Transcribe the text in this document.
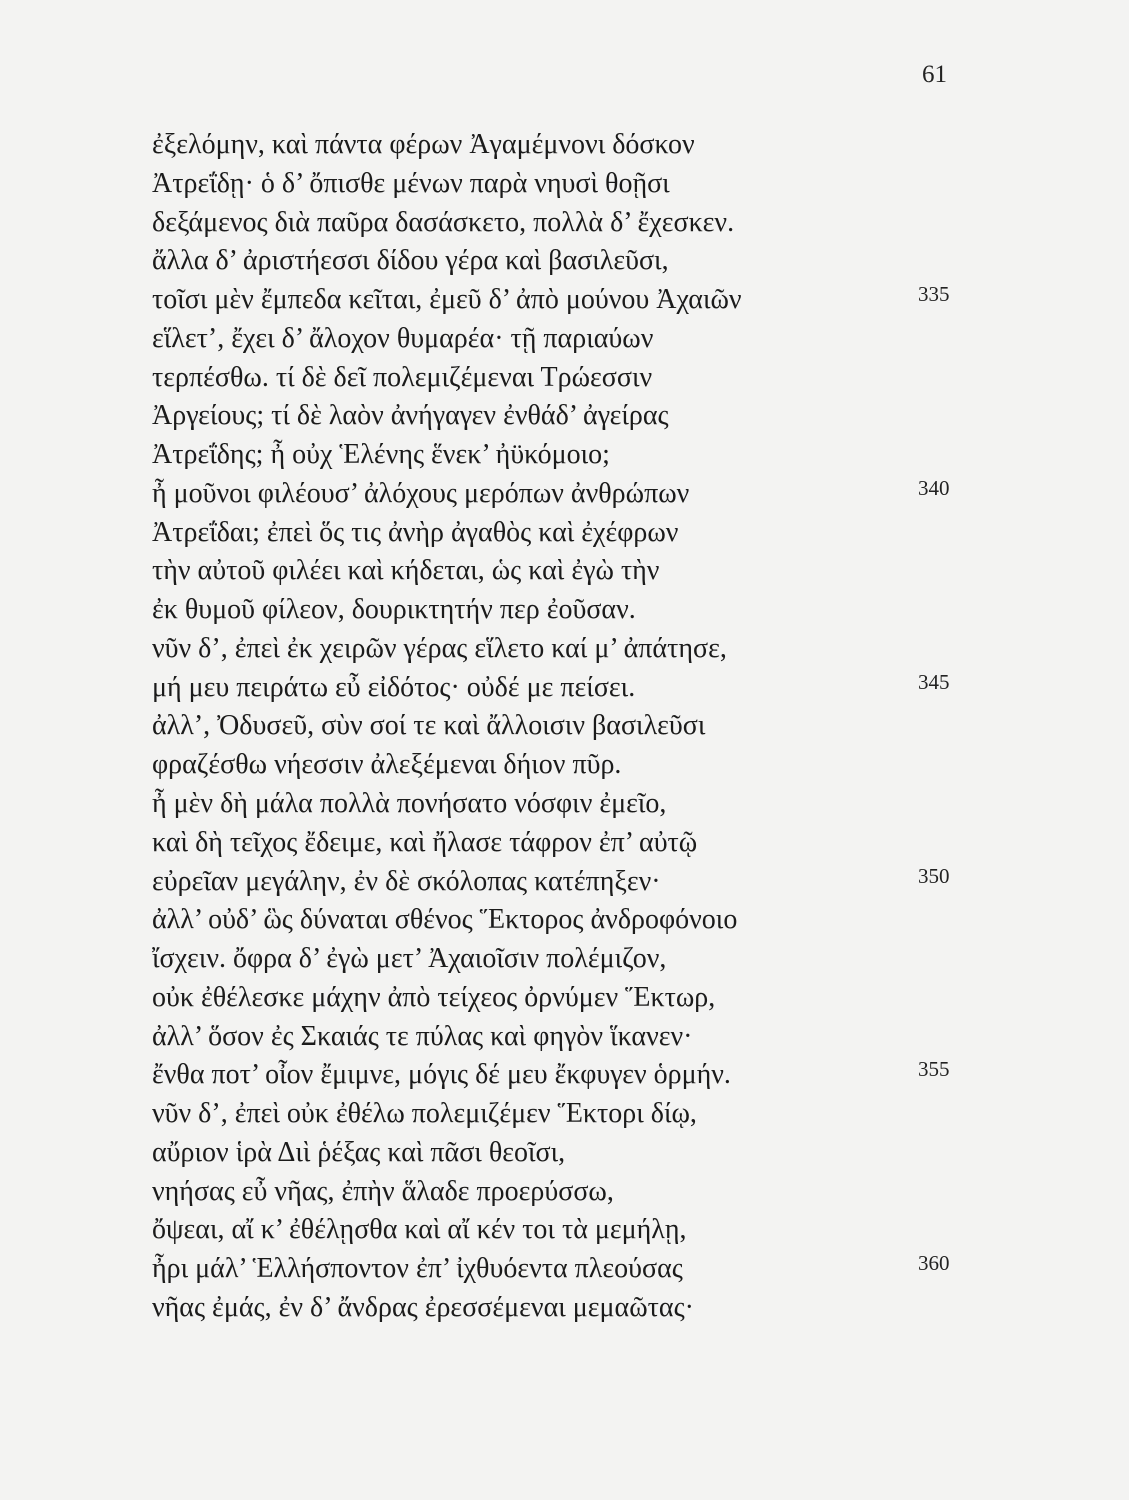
61
ἐξελόμην, καὶ πάντα φέρων Ἀγαμέμνονι δόσκον
Ἀτρεΐδῃ· ὁ δ’ ὄπισθε μένων παρὰ νηυσὶ θοῇσι
δεξάμενος διὰ παῦρα δασάσκετο, πολλὰ δ’ ἔχεσκεν.
ἄλλα δ’ ἀριστήεσσι δίδου γέρα καὶ βασιλεῦσι,
τοῖσι μὲν ἔμπεδα κεῖται, ἐμεῦ δ’ ἀπὸ μούνου Ἀχαιῶν	335
εἵλετ’, ἔχει δ’ ἄλοχον θυμαρέα· τῇ παριαύων
τερπέσθω. τί δὲ δεῖ πολεμιζέμεναι Τρώεσσιν
Ἀργείους; τί δὲ λαὸν ἀνήγαγεν ἐνθάδ’ ἀγείρας
Ἀτρεΐδης; ἦ οὐχ Ἑλένης ἕνεκ’ ἠϋκόμοιο;
ἦ μοῦνοι φιλέουσ’ ἀλόχους μερόπων ἀνθρώπων	340
Ἀτρεΐδαι; ἐπεὶ ὅς τις ἀνὴρ ἀγαθὸς καὶ ἐχέφρων
τὴν αὐτοῦ φιλέει καὶ κήδεται, ὡς καὶ ἐγὼ τὴν
ἐκ θυμοῦ φίλεον, δουρικτητήν περ ἐοῦσαν.
νῦν δ’, ἐπεὶ ἐκ χειρῶν γέρας εἵλετο καί μ’ ἀπάτησε,
μή μευ πειράτω εὖ εἰδότος· οὐδέ με πείσει.	345
ἀλλ’, Ὀδυσεῦ, σὺν σοί τε καὶ ἄλλοισιν βασιλεῦσι
φραζέσθω νήεσσιν ἀλεξέμεναι δήιον πῦρ.
ἦ μὲν δὴ μάλα πολλὰ πονήσατο νόσφιν ἐμεῖο,
καὶ δὴ τεῖχος ἔδειμε, καὶ ἤλασε τάφρον ἐπ’ αὐτῷ
εὐρεῖαν μεγάλην, ἐν δὲ σκόλοπας κατέπηξεν·	350
ἀλλ’ οὐδ’ ὣς δύναται σθένος Ἕκτορος ἀνδροφόνοιο
ἴσχειν. ὄφρα δ’ ἐγὼ μετ’ Ἀχαιοῖσιν πολέμιζον,
οὐκ ἐθέλεσκε μάχην ἀπὸ τείχεος ὀρνύμεν Ἕκτωρ,
ἀλλ’ ὅσον ἐς Σκαιάς τε πύλας καὶ φηγὸν ἵκανεν·
ἔνθα ποτ’ οἶον ἔμιμνε, μόγις δέ μευ ἔκφυγεν ὁρμήν.	355
νῦν δ’, ἐπεὶ οὐκ ἐθέλω πολεμιζέμεν Ἕκτορι δίῳ,
αὔριον ἱρὰ Διὶ ῥέξας καὶ πᾶσι θεοῖσι,
νηήσας εὖ νῆας, ἐπὴν ἅλαδε προερύσσω,
ὄψεαι, αἴ κ’ ἐθέλῃσθα καὶ αἴ κέν τοι τὰ μεμήλῃ,
ἦρι μάλ’ Ἑλλήσποντον ἐπ’ ἰχθυόεντα πλεούσας	360
νῆας ἐμάς, ἐν δ’ ἄνδρας ἐρεσσέμεναι μεμαῶτας·
